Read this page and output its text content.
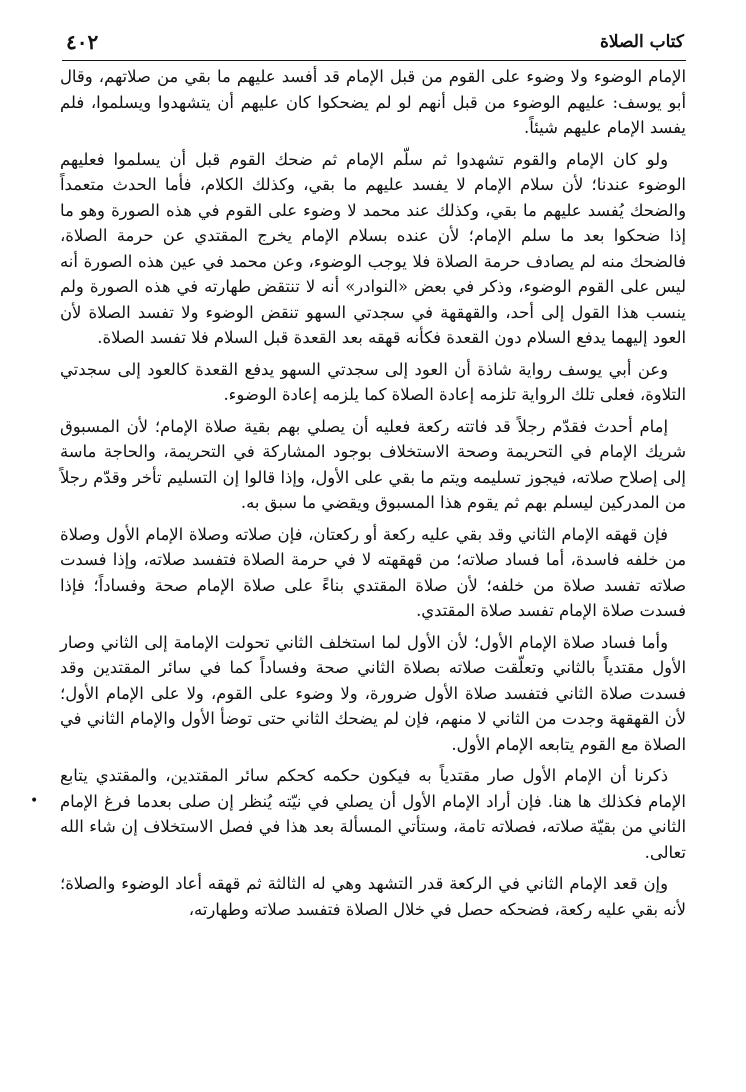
كتاب الصلاة
٤٠٢

الإمام الوضوء ولا وضوء على القوم من قبل الإمام قد أفسد عليهم ما بقي من صلاتهم، وقال أبو يوسف: عليهم الوضوء من قبل أنهم لو لم يضحكوا كان عليهم أن يتشهدوا ويسلموا، فلم يفسد الإمام عليهم شيئاً.

ولو كان الإمام والقوم تشهدوا ثم سلّم الإمام ثم ضحك القوم قبل أن يسلموا فعليهم الوضوء عندنا؛ لأن سلام الإمام لا يفسد عليهم ما بقي، وكذلك الكلام، فأما الحدث متعمداً والضحك يُفسد عليهم ما بقي، وكذلك عند محمد لا وضوء على القوم في هذه الصورة وهو ما إذا ضحكوا بعد ما سلم الإمام؛ لأن عنده بسلام الإمام يخرج المقتدي عن حرمة الصلاة، فالضحك منه لم يصادف حرمة الصلاة فلا يوجب الوضوء، وعن محمد في عين هذه الصورة أنه ليس على القوم الوضوء، وذكر في بعض «النوادر» أنه لا تنتقض طهارته في هذه الصورة ولم ينسب هذا القول إلى أحد، والقهقهة في سجدتي السهو تنقض الوضوء ولا تفسد الصلاة لأن العود إليهما يدفع السلام دون القعدة فكأنه قهقه بعد القعدة قبل السلام فلا تفسد الصلاة.

وعن أبي يوسف رواية شاذة أن العود إلى سجدتي السهو يدفع القعدة كالعود إلى سجدتي التلاوة، فعلى تلك الرواية تلزمه إعادة الصلاة كما يلزمه إعادة الوضوء.

إمام أحدث فقدّم رجلاً قد فاتته ركعة فعليه أن يصلي بهم بقية صلاة الإمام؛ لأن المسبوق شريك الإمام في التحريمة وصحة الاستخلاف بوجود المشاركة في التحريمة، والحاجة ماسة إلى إصلاح صلاته، فيجوز تسليمه ويتم ما بقي على الأول، وإذا قالوا إن التسليم تأخر وقدّم رجلاً من المدركين ليسلم بهم ثم يقوم هذا المسبوق ويقضي ما سبق به.

فإن قهقه الإمام الثاني وقد بقي عليه ركعة أو ركعتان، فإن صلاته وصلاة الإمام الأول وصلاة من خلفه فاسدة، أما فساد صلاته؛ من قهقهته لا في حرمة الصلاة فتفسد صلاته، وإذا فسدت صلاته تفسد صلاة من خلفه؛ لأن صلاة المقتدي بناءً على صلاة الإمام صحة وفساداً؛ فإذا فسدت صلاة الإمام تفسد صلاة المقتدي.

وأما فساد صلاة الإمام الأول؛ لأن الأول لما استخلف الثاني تحولت الإمامة إلى الثاني وصار الأول مقتدياً بالثاني وتعلّقت صلاته بصلاة الثاني صحة وفساداً كما في سائر المقتدين وقد فسدت صلاة الثاني فتفسد صلاة الأول ضرورة، ولا وضوء على القوم، ولا على الإمام الأول؛ لأن القهقهة وجدت من الثاني لا منهم، فإن لم يضحك الثاني حتى توضأ الأول والإمام الثاني في الصلاة مع القوم يتابعه الإمام الأول.

ذكرنا أن الإمام الأول صار مقتدياً به فيكون حكمه كحكم سائر المقتدين، والمقتدي يتابع الإمام فكذلك ها هنا. فإن أراد الإمام الأول أن يصلي في نيّته يُنظر إن صلى بعدما فرغ الإمام الثاني من بقيّة صلاته، فصلاته تامة، وستأتي المسألة بعد هذا في فصل الاستخلاف إن شاء الله تعالى.

وإن قعد الإمام الثاني في الركعة قدر التشهد وهي له الثالثة ثم قهقه أعاد الوضوء والصلاة؛ لأنه بقي عليه ركعة، فضحكه حصل في خلال الصلاة فتفسد صلاته وطهارته،

•
